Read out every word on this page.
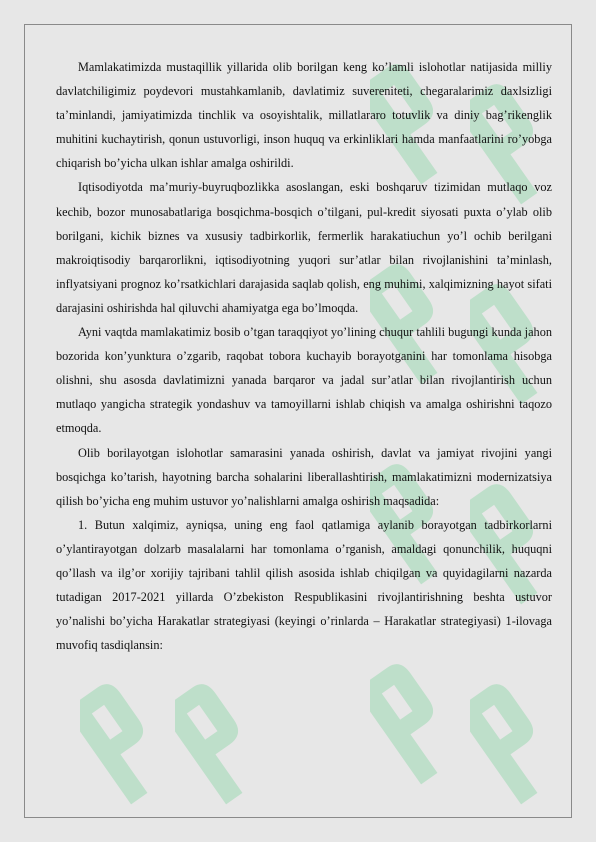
Mamlakatimizda mustaqillik yillarida olib borilgan keng ko’lamli islohotlar natijasida milliy davlatchiligimiz poydevori mustahkamlanib, davlatimiz suvereniteti, chegaralarimiz daxlsizligi ta’minlandi, jamiyatimizda tinchlik va osoyishtalik, millatlararo totuvlik va diniy bag’rikenglik muhitini kuchaytirish, qonun ustuvorligi, inson huquq va erkinliklari hamda manfaatlarini ro’yobga chiqarish bo’yicha ulkan ishlar amalga oshirildi.

Iqtisodiyotda ma’muriy-buyruqbozlikka asoslangan, eski boshqaruv tizimidan mutlaqo voz kechib, bozor munosabatlariga bosqichma-bosqich o’tilgani, pul-kredit siyosati puxta o’ylab olib borilgani, kichik biznes va xususiy tadbirkorlik, fermerlik harakatiuchun yo’l ochib berilgani makroiqtisodiy barqarorlikni, iqtisodiyotning yuqori sur’atlar bilan rivojlanishini ta’minlash, inflyatsiyani prognoz ko’rsatkichlari darajasida saqlab qolish, eng muhimi, xalqimizning hayot sifati darajasini oshirishda hal qiluvchi ahamiyatga ega bo’lmoqda.

Ayni vaqtda mamlakatimiz bosib o’tgan taraqqiyot yo’lining chuqur tahlili bugungi kunda jahon bozorida kon’yunktura o’zgarib, raqobat tobora kuchayib borayotganini har tomonlama hisobga olishni, shu asosda davlatimizni yanada barqaror va jadal sur’atlar bilan rivojlantirish uchun mutlaqo yangicha strategik yondashuv va tamoyillarni ishlab chiqish va amalga oshirishni taqozo etmoqda.

Olib borilayotgan islohotlar samarasini yanada oshirish, davlat va jamiyat rivojini yangi bosqichga ko’tarish, hayotning barcha sohalarini liberallashtirish, mamlakatimizni modernizatsiya qilish bo’yicha eng muhim ustuvor yo’nalishlarni amalga oshirish maqsadida:

1. Butun xalqimiz, ayniqsa, uning eng faol qatlamiga aylanib borayotgan tadbirkorlarni o’ylantirayotgan dolzarb masalalarni har tomonlama o’rganish, amaldagi qonunchilik, huquqni qo’llash va ilg’or xorijiy tajribani tahlil qilish asosida ishlab chiqilgan va quyidagilarni nazarda tutadigan 2017-2021 yillarda O’zbekiston Respublikasini rivojlantirishning beshta ustuvor yo’nalishi bo’yicha Harakatlar strategiyasi (keyingi o’rinlarda – Harakatlar strategiyasi) 1-ilovaga muvofiq tasdiqlansin:
